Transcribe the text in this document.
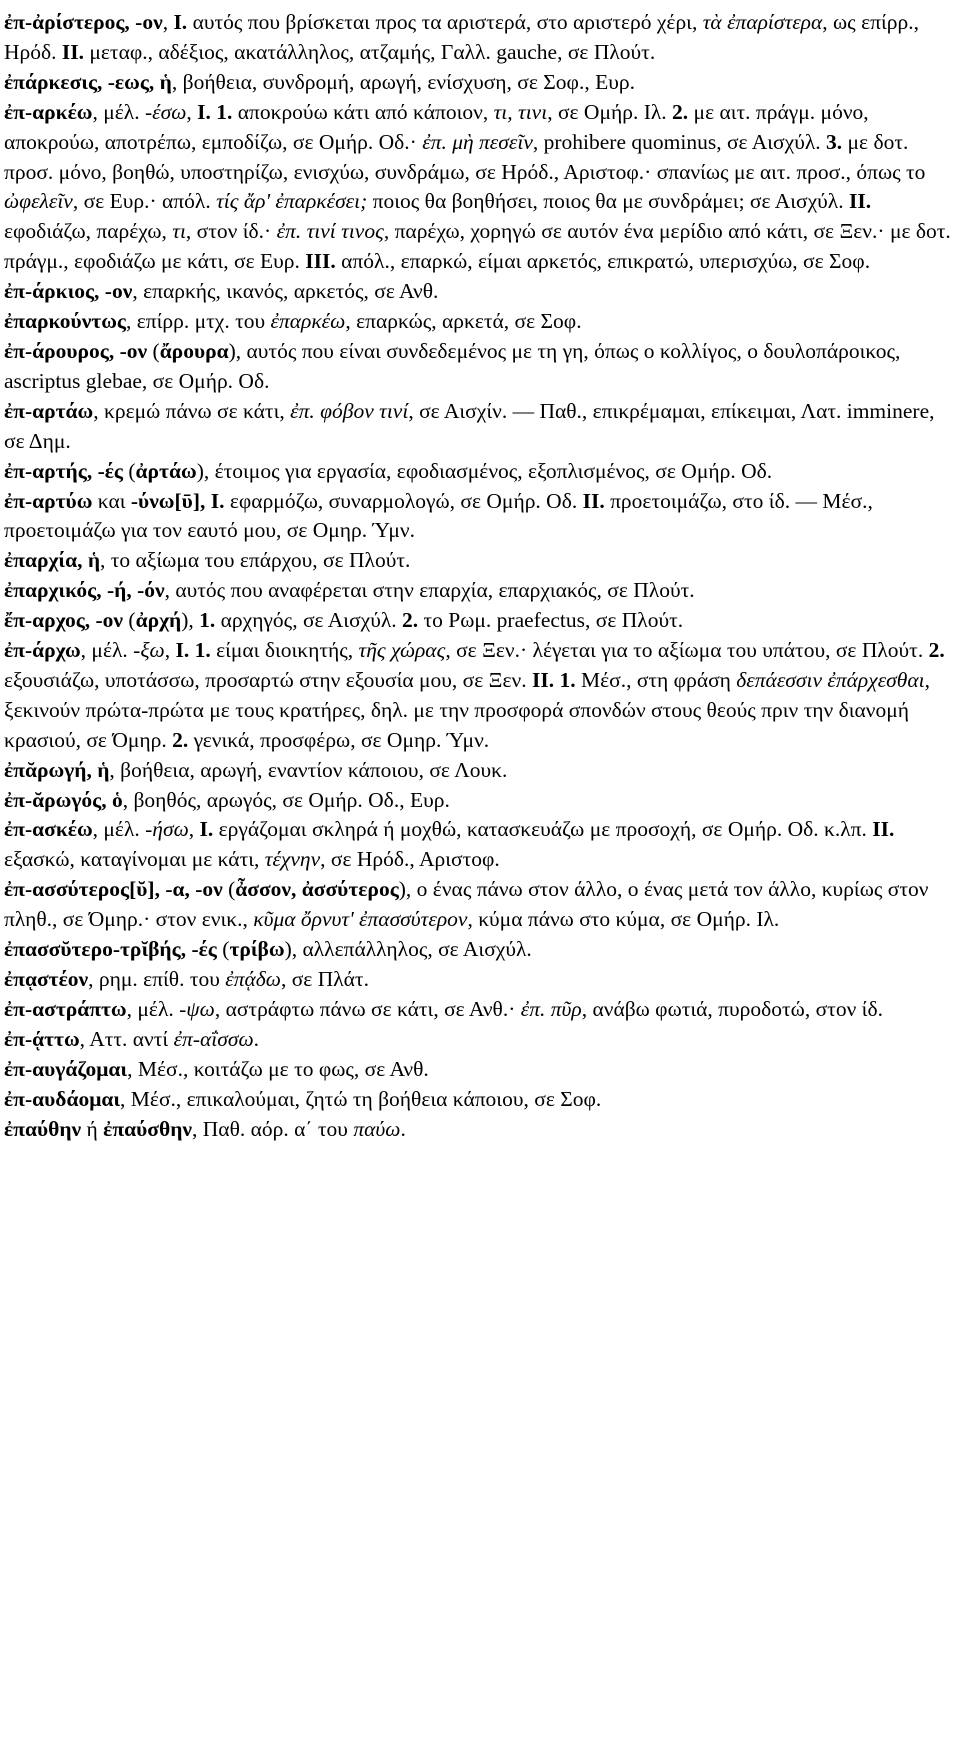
ἐπ-ἀρίστερος, -ον, I. αυτός που βρίσκεται προς τα αριστερά, στο αριστερό χέρι, τὰ ἐπαρίστερα, ως επίρρ., Ηρόδ. II. μεταφ., αδέξιος, ακατάλληλος, ατζαμής, Γαλλ. gauche, σε Πλούτ.

ἐπάρκεσις, -εως, ἡ, βοήθεια, συνδρομή, αρωγή, ενίσχυση, σε Σοφ., Ευρ.

ἐπ-αρκέω, μέλ. -έσω, I. 1. αποκρούω κάτι από κάποιον, τι, τινι, σε Ομήρ. Ιλ. 2. με αιτ. πράγμ. μόνο, αποκρούω, αποτρέπω, εμποδίζω, σε Ομήρ. Οδ.· ἐπ. μὴ πεσεῖν, prohibere quominus, σε Αισχύλ. 3. με δοτ. προσ. μόνο, βοηθώ, υποστηρίζω, ενισχύω, συνδράμω, σε Ηρόδ., Αριστοφ.· σπανίως με αιτ. προσ., όπως το ὠφελεῖν, σε Ευρ.· απόλ. τίς ἄρ' ἐπαρκέσει; ποιος θα βοηθήσει, ποιος θα με συνδράμει; σε Αισχύλ. II. εφοδιάζω, παρέχω, τι, στον ίδ.· ἐπ. τινί τινος, παρέχω, χορηγώ σε αυτόν ένα μερίδιο από κάτι, σε Ξεν.· με δοτ. πράγμ., εφοδιάζω με κάτι, σε Ευρ. III. απόλ., επαρκώ, είμαι αρκετός, επικρατώ, υπερισχύω, σε Σοφ.

ἐπ-άρκιος, -ον, επαρκής, ικανός, αρκετός, σε Ανθ.

ἐπαρκούντως, επίρρ. μτχ. του ἐπαρκέω, επαρκώς, αρκετά, σε Σοφ.

ἐπ-άρουρος, -ον (ἄρουρα), αυτός που είναι συνδεδεμένος με τη γη, όπως ο κολλίγος, ο δουλοπάροικος, ascriptus glebae, σε Ομήρ. Οδ.

ἐπ-αρτάω, κρεμώ πάνω σε κάτι, ἐπ. φόβον τινί, σε Αισχίν. ― Παθ., επικρέμαμαι, επίκειμαι, Λατ. imminere, σε Δημ.

ἐπ-αρτής, -ές (ἀρτάω), έτοιμος για εργασία, εφοδιασμένος, εξοπλισμένος, σε Ομήρ. Οδ.

ἐπ-αρτύω και -ύνω[ῡ], I. εφαρμόζω, συναρμολογώ, σε Ομήρ. Οδ. II. προετοιμάζω, στο ίδ. ― Μέσ., προετοιμάζω για τον εαυτό μου, σε Ομηρ. Ύμν.

ἐπαρχία, ἡ, το αξίωμα του επάρχου, σε Πλούτ.

ἐπαρχικός, -ή, -όν, αυτός που αναφέρεται στην επαρχία, επαρχιακός, σε Πλούτ.

ἔπ-αρχος, -ον (ἀρχή), 1. αρχηγός, σε Αισχύλ. 2. το Ρωμ. praefectus, σε Πλούτ.

ἐπ-άρχω, μέλ. -ξω, I. 1. είμαι διοικητής, τῆς χώρας, σε Ξεν.· λέγεται για το αξίωμα του υπάτου, σε Πλούτ. 2. εξουσιάζω, υποτάσσω, προσαρτώ στην εξουσία μου, σε Ξεν. II. 1. Μέσ., στη φράση δεπάεσσιν ἐπάρχεσθαι, ξεκινούν πρώτα-πρώτα με τους κρατήρες, δηλ. με την προσφορά σπονδών στους θεούς πριν την διανομή κρασιού, σε Όμηρ. 2. γενικά, προσφέρω, σε Ομηρ. Ύμν.

ἐπᾰρωγή, ἡ, βοήθεια, αρωγή, εναντίον κάποιου, σε Λουκ.

ἐπ-ᾰρωγός, ὁ, βοηθός, αρωγός, σε Ομήρ. Οδ., Ευρ.

ἐπ-ασκέω, μέλ. -ήσω, I. εργάζομαι σκληρά ή μοχθώ, κατασκευάζω με προσοχή, σε Ομήρ. Οδ. κ.λπ. II. εξασκώ, καταγίνομαι με κάτι, τέχνην, σε Ηρόδ., Αριστοφ.

ἐπ-ασσύτερος[ῠ], -α, -ον (ἆσσον, ἀσσύτερος), ο ένας πάνω στον άλλο, ο ένας μετά τον άλλο, κυρίως στον πληθ., σε Όμηρ.· στον ενικ., κῦμα ὄρνυτ' ἐπασσύτερον, κύμα πάνω στο κύμα, σε Ομήρ. Ιλ.

ἐπασσῠτερο-τρῐβής, -ές (τρίβω), αλλεπάλληλος, σε Αισχύλ.

ἐπᾳστέον, ρημ. επίθ. του ἐπᾴδω, σε Πλάτ.

ἐπ-αστράπτω, μέλ. -ψω, αστράφτω πάνω σε κάτι, σε Ανθ.· ἐπ. πῦρ, ανάβω φωτιά, πυροδοτώ, στον ίδ.

ἐπ-ᾴττω, Αττ. αντί ἐπ-αΐσσω.

ἐπ-αυγάζομαι, Μέσ., κοιτάζω με το φως, σε Ανθ.

ἐπ-αυδάομαι, Μέσ., επικαλούμαι, ζητώ τη βοήθεια κάποιου, σε Σοφ.

ἐπαύθην ή ἐπαύσθην, Παθ. αόρ. α΄ του παύω.
